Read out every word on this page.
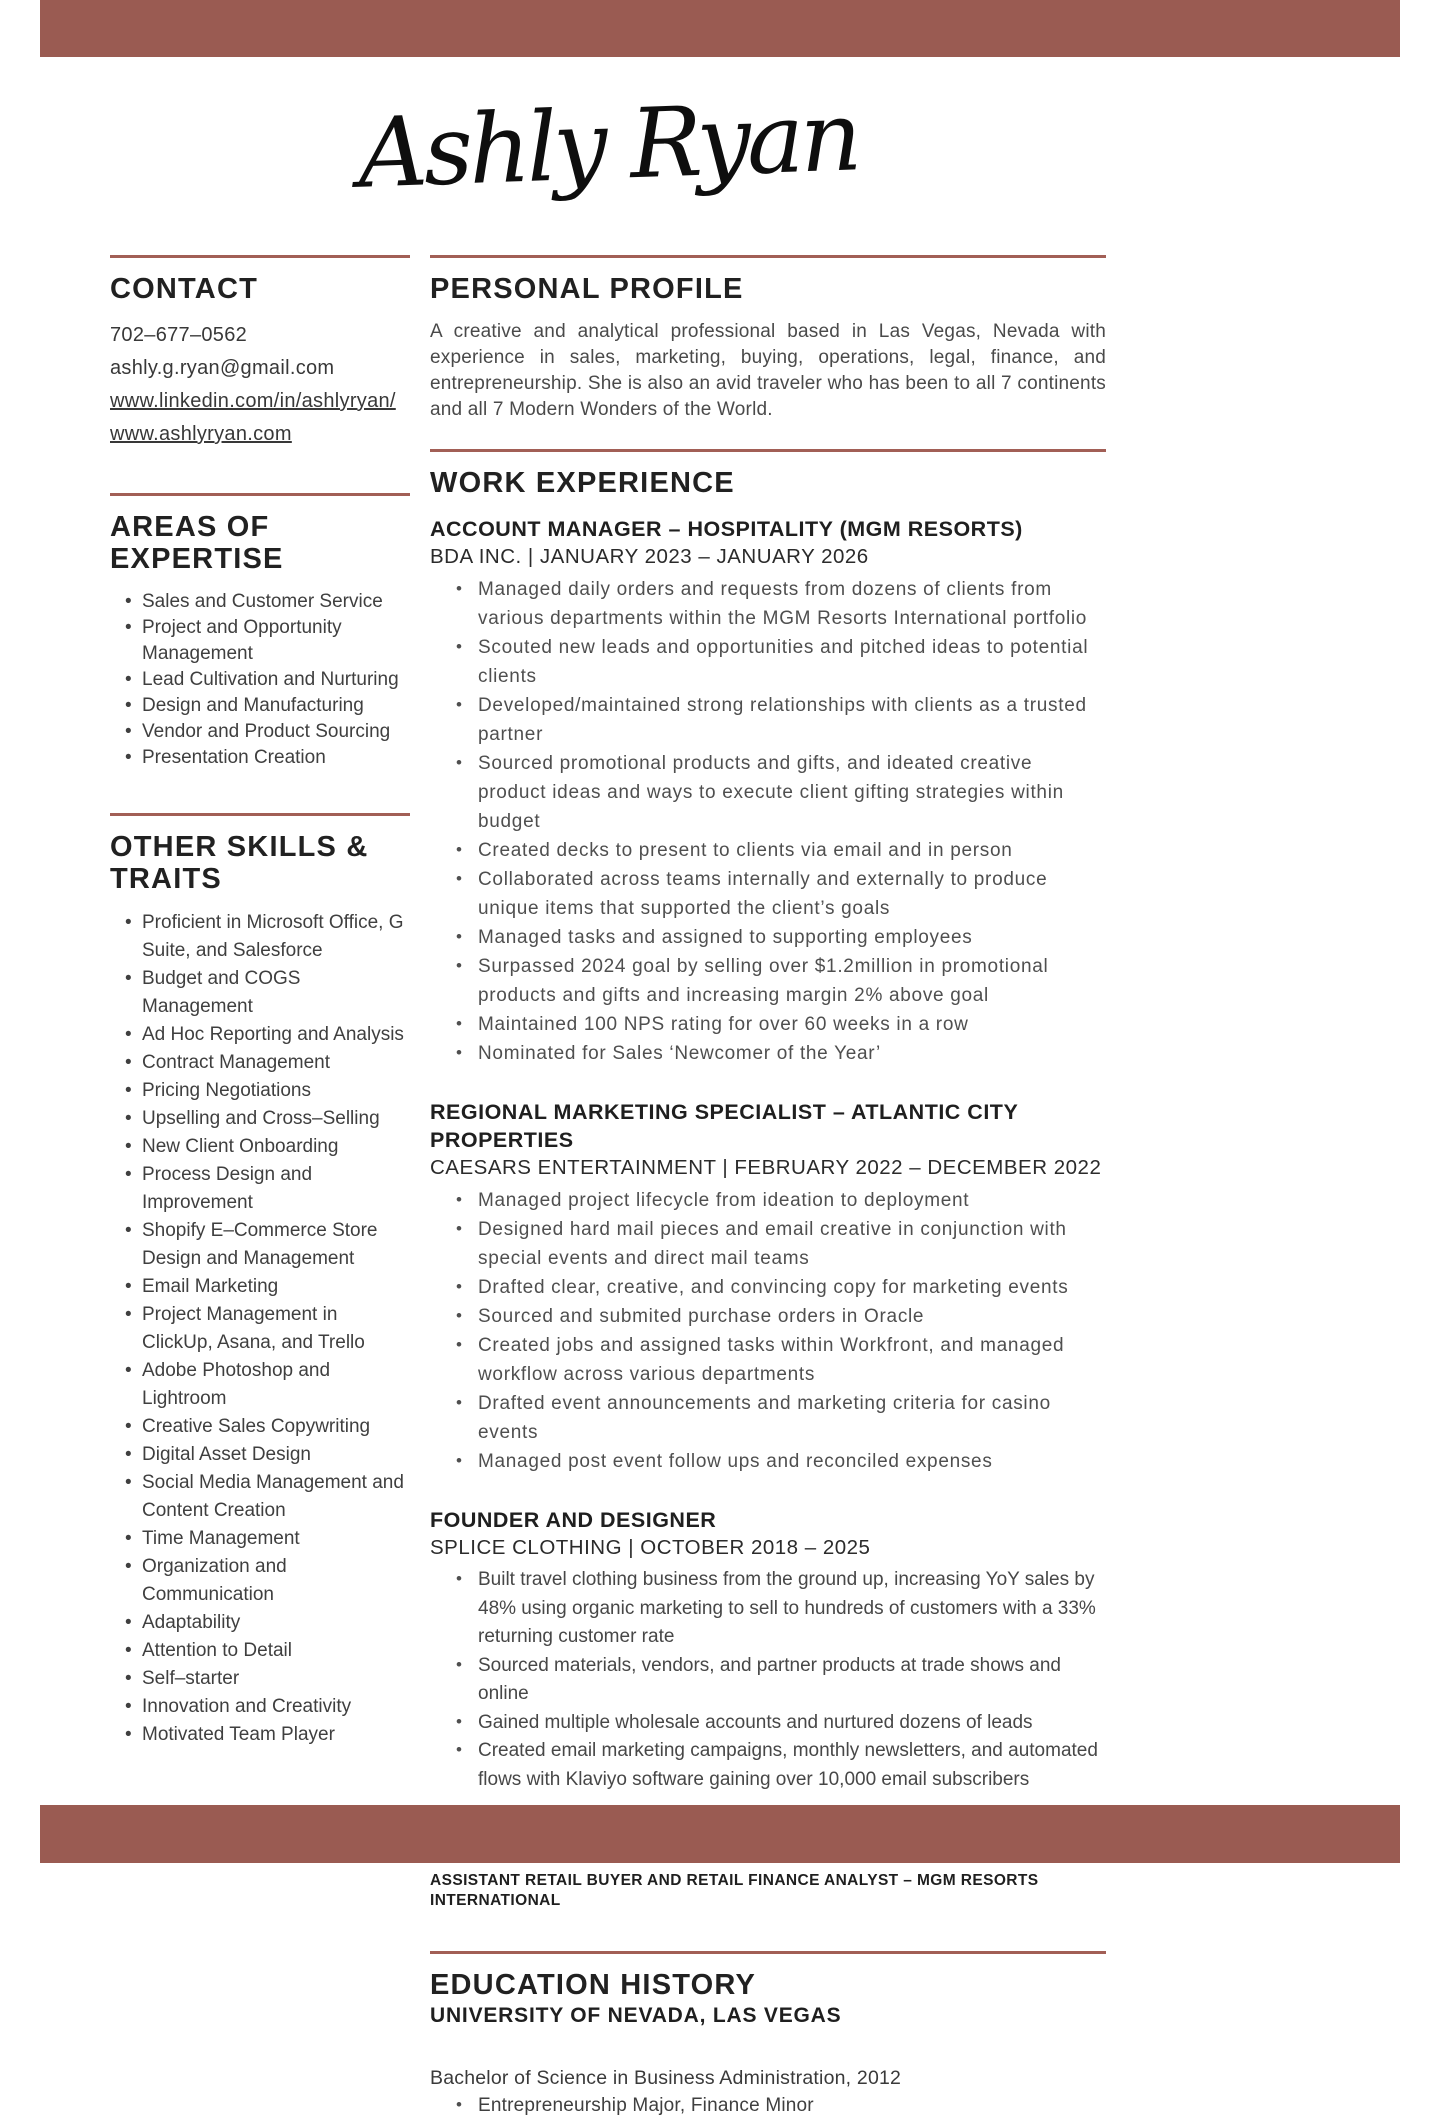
Ashly Ryan
CONTACT
702–677–0562
ashly.g.ryan@gmail.com
www.linkedin.com/in/ashlyryan/
www.ashlyryan.com
AREAS OF EXPERTISE
• Sales and Customer Service
• Project and Opportunity Management
• Lead Cultivation and Nurturing
• Design and Manufacturing
• Vendor and Product Sourcing
• Presentation Creation
OTHER SKILLS & TRAITS
• Proficient in Microsoft Office, G Suite, and Salesforce
• Budget and COGS Management
• Ad Hoc Reporting and Analysis
• Contract Management
• Pricing Negotiations
• Upselling and Cross–Selling
• New Client Onboarding
• Process Design and Improvement
• Shopify E–Commerce Store Design and Management
• Email Marketing
• Project Management in ClickUp, Asana, and Trello
• Adobe Photoshop and Lightroom
• Creative Sales Copywriting
• Digital Asset Design
• Social Media Management and Content Creation
• Time Management
• Organization and Communication
• Adaptability
• Attention to Detail
• Self–starter
• Innovation and Creativity
• Motivated Team Player
PERSONAL PROFILE

A creative and analytical professional based in Las Vegas, Nevada with experience in sales, marketing, buying, operations, legal, finance, and entrepreneurship. She is also an avid traveler who has been to all 7 continents and all 7 Modern Wonders of the World.

WORK EXPERIENCE
ACCOUNT MANAGER – HOSPITALITY (MGM RESORTS)
BDA INC. | JANUARY 2023 – JANUARY 2026
• Managed daily orders and requests from dozens of clients from various departments within the MGM Resorts International portfolio
• Scouted new leads and opportunities and pitched ideas to potential clients
• Developed/maintained strong relationships with clients as a trusted partner
• Sourced promotional products and gifts, and ideated creative product ideas and ways to execute client gifting strategies within budget
• Created decks to present to clients via email and in person
• Collaborated across teams internally and externally to produce unique items that supported the client’s goals
• Managed tasks and assigned to supporting employees
• Surpassed 2024 goal by selling over $1.2million in promotional products and gifts and increasing margin 2% above goal
• Maintained 100 NPS rating for over 60 weeks in a row
• Nominated for Sales ‘Newcomer of the Year’
REGIONAL MARKETING SPECIALIST – ATLANTIC CITY PROPERTIES
CAESARS ENTERTAINMENT | FEBRUARY 2022 – DECEMBER 2022
• Managed project lifecycle from ideation to deployment
• Designed hard mail pieces and email creative in conjunction with special events and direct mail teams
• Drafted clear, creative, and convincing copy for marketing events
• Sourced and submited purchase orders in Oracle
• Created jobs and assigned tasks within Workfront, and managed workflow across various departments
• Drafted event announcements and marketing criteria for casino events
• Managed post event follow ups and reconciled expenses
FOUNDER AND DESIGNER
SPLICE CLOTHING | OCTOBER 2018 – 2025
• Built travel clothing business from the ground up, increasing YoY sales by 48% using organic marketing to sell to hundreds of customers with a 33% returning customer rate
• Sourced materials, vendors, and partner products at trade shows and online
• Gained multiple wholesale accounts and nurtured dozens of leads
• Created email marketing campaigns, monthly newsletters, and automated flows with Klaviyo software gaining over 10,000 email subscribers
ASSISTANT RETAIL BUYER AND RETAIL FINANCE ANALYST – MGM RESORTS INTERNATIONAL
EDUCATION HISTORY
UNIVERSITY OF NEVADA, LAS VEGAS
Bachelor of Science in Business Administration, 2012
• Entrepreneurship Major, Finance Minor
